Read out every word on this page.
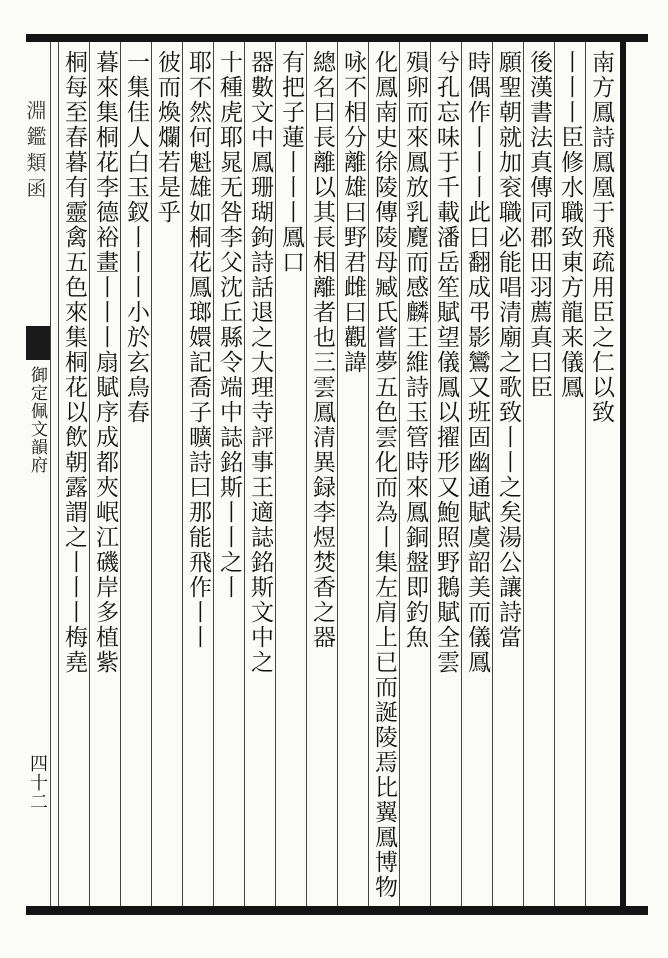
淵鑑類函
御定佩文韻府
四十二
南方鳳詩鳳凰于飛疏用臣之仁以致
丨丨丨臣修水職致東方龍来儀鳳
後漢書法真傳同郡田羽薦真曰臣
願聖朝就加衮職必能唱清廟之歌致丨丨之矣湯公讓詩當
時偶作丨丨丨此日翻成弔影鸞又班固幽通賦虞韶美而儀鳳
兮孔忘味于千載潘岳笙賦望儀鳳以擢形又鮑照野鵝賦全雲
殞卵而來鳳放乳麑而感麟王維詩玉管時來鳳銅盤即釣魚
化鳳南史徐陵傳陵母臧氏嘗夢五色雲化而為丨集左肩上已而誕陵焉比翼鳳博物
咏不相分離雄曰野君雌曰觀諱
總名曰長離以其長相離者也三雲鳳清異録李煜焚香之器
有把子蓮丨丨丨鳳口
器數文中鳳珊瑚鉤詩話退之大理寺評事王適誌銘斯文中之
十種虎耶晁无咎李父沈丘縣令端中誌銘斯丨丨之丨
耶不然何魁雄如桐花鳳瑯嬛記喬子曠詩曰那能飛作丨丨
彼而煥爛若是乎
一集佳人白玉釵丨丨丨小於玄鳥春
暮來集桐花李德裕畫丨丨丨扇賦序成都夾岷江磯岸多植紫
桐每至春暮有靈禽五色來集桐花以飲朝露謂之丨丨丨梅堯
